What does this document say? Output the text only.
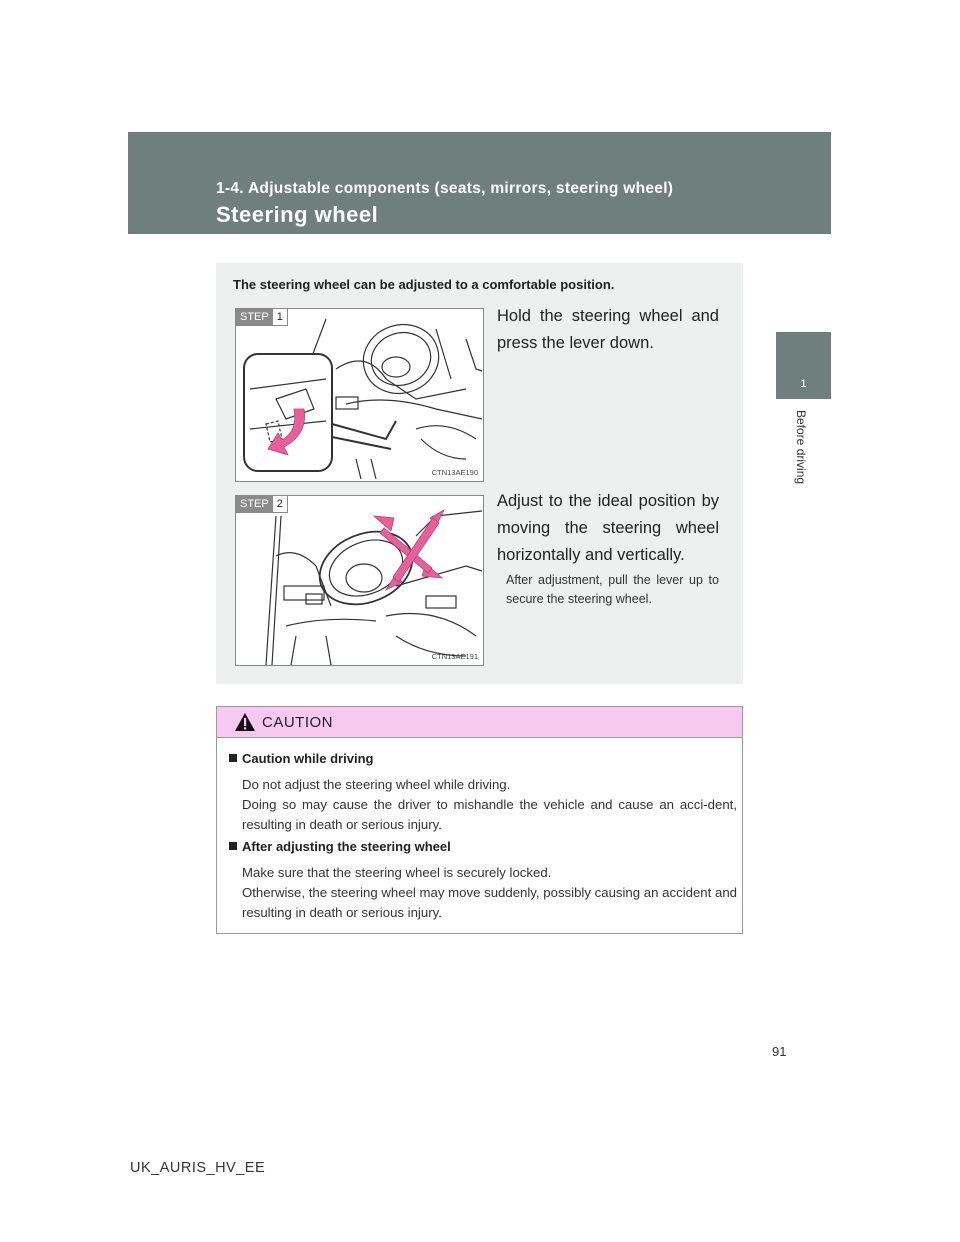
1-4. Adjustable components (seats, mirrors, steering wheel)
Steering wheel
1
Before driving
The steering wheel can be adjusted to a comfortable position.
STEP 1
CTN13AE190
Hold the steering wheel and press the lever down.
STEP 2
CTN13AE191
Adjust to the ideal position by moving the steering wheel horizontally and vertically.
After adjustment, pull the lever up to secure the steering wheel.
CAUTION
Caution while driving
Do not adjust the steering wheel while driving.
Doing so may cause the driver to mishandle the vehicle and cause an acci-dent, resulting in death or serious injury.
After adjusting the steering wheel
Make sure that the steering wheel is securely locked.
Otherwise, the steering wheel may move suddenly, possibly causing an accident and resulting in death or serious injury.
91
UK_AURIS_HV_EE
